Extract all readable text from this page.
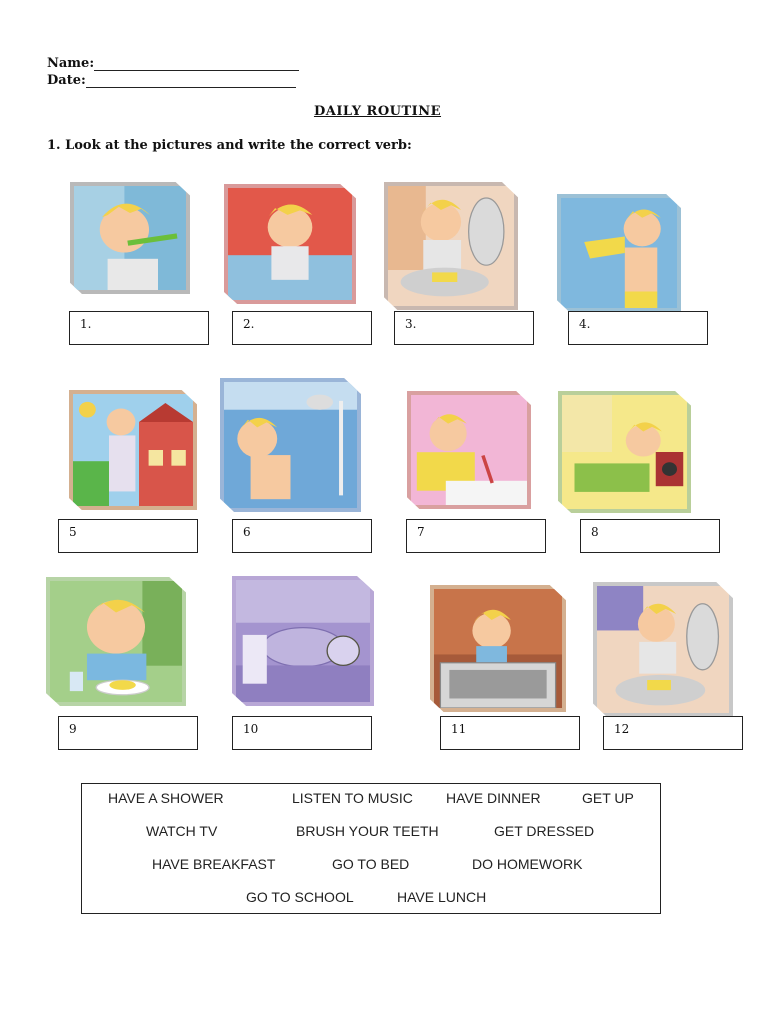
Name:
Date:
DAILY ROUTINE
1. Look at the pictures and write the correct verb:
1.	2.	3.	4.
5	6	7	8
9	10	11	12
HAVE A SHOWER	LISTEN TO MUSIC HAVE DINNER	GET UP
WATCH TV	BRUSH YOUR TEETH	GET DRESSED
HAVE BREAKFAST	GO TO BED	DO HOMEWORK
GO TO SCHOOL	HAVE LUNCH
